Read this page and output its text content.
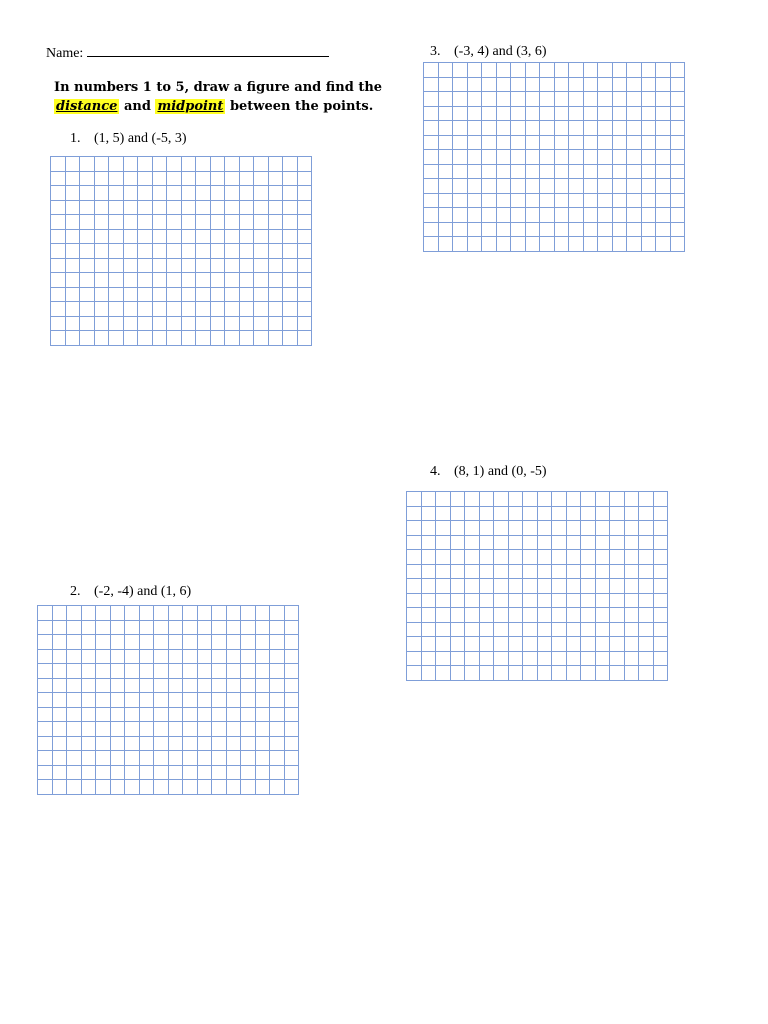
Name:
In numbers 1 to 5, draw a figure and find the
distance and midpoint between the points.
1. (1, 5) and (-5, 3)
2. (-2, -4) and (1, 6)
3. (-3, 4) and (3, 6)
4. (8, 1) and (0, -5)
